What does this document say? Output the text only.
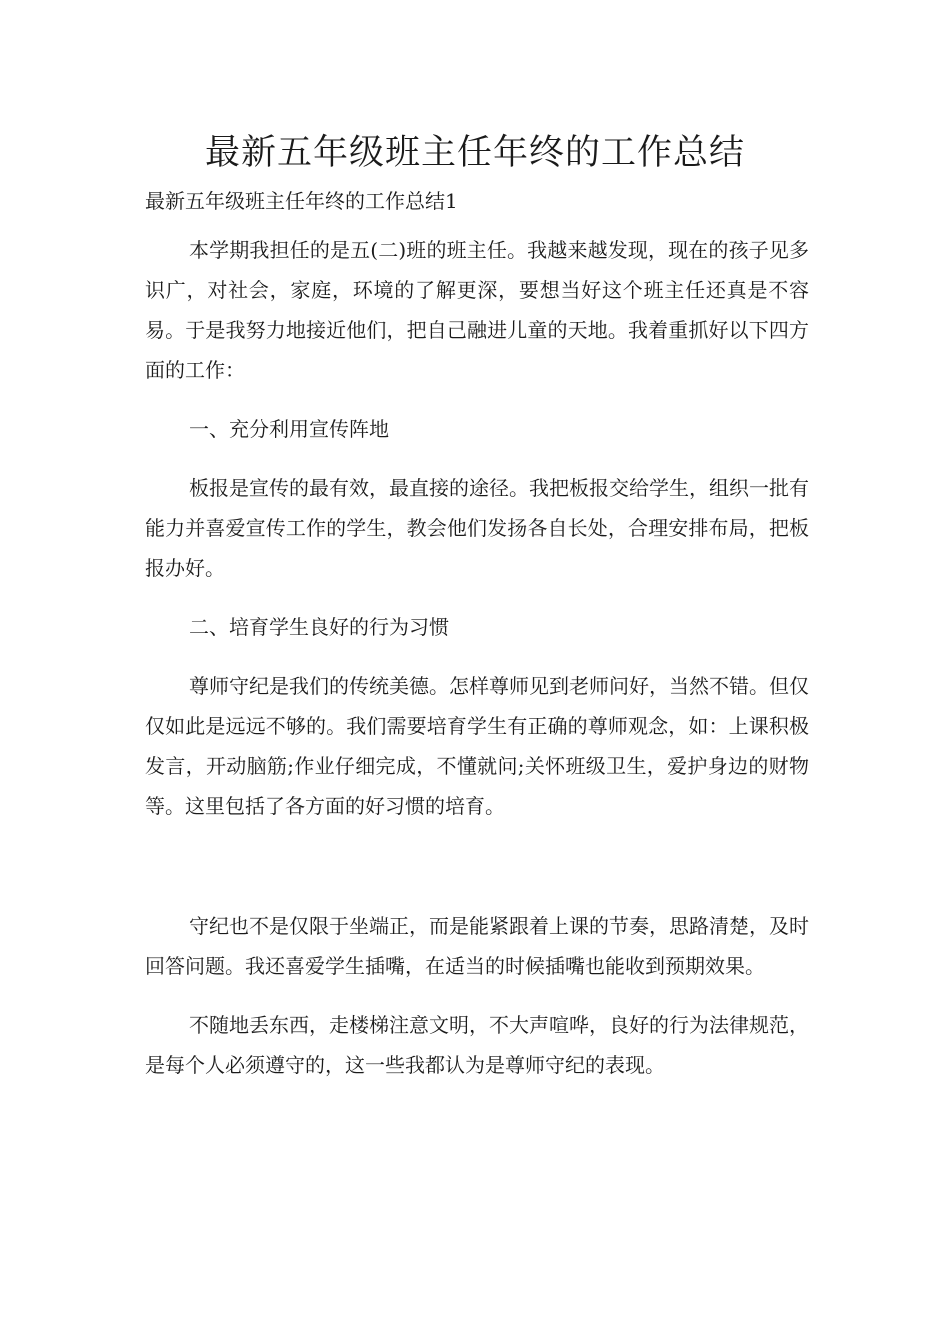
最新五年级班主任年终的工作总结

最新五年级班主任年终的工作总结1

本学期我担任的是五(二)班的班主任。我越来越发现，现在的孩子见多识广，对社会，家庭，环境的了解更深，要想当好这个班主任还真是不容易。于是我努力地接近他们，把自己融进儿童的天地。我着重抓好以下四方面的工作：

一、充分利用宣传阵地

板报是宣传的最有效，最直接的途径。我把板报交给学生，组织一批有能力并喜爱宣传工作的学生，教会他们发扬各自长处，合理安排布局，把板报办好。

二、培育学生良好的行为习惯

尊师守纪是我们的传统美德。怎样尊师见到老师问好，当然不错。但仅仅如此是远远不够的。我们需要培育学生有正确的尊师观念，如：上课积极发言，开动脑筋;作业仔细完成，不懂就问;关怀班级卫生，爱护身边的财物等。这里包括了各方面的好习惯的培育。

守纪也不是仅限于坐端正，而是能紧跟着上课的节奏，思路清楚，及时回答问题。我还喜爱学生插嘴，在适当的时候插嘴也能收到预期效果。

不随地丢东西，走楼梯注意文明，不大声喧哗，良好的行为法律规范，是每个人必须遵守的，这一些我都认为是尊师守纪的表现。
